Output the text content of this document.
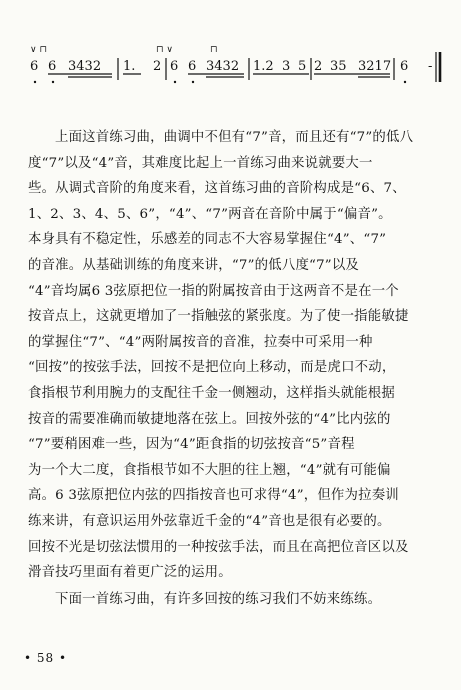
∨ ⊓	⊓ ∨	⊓
6 6 3432 1. 2 6 6 3432 1.2 3 5 2 35 3217 6 -

上面这首练习曲，曲调中不但有“7”音，而且还有“7”的低八

度“7”以及“4”音，其难度比起上一首练习曲来说就要大一

些。从调式音阶的角度来看，这首练习曲的音阶构成是“6、7、

1、2、3、4、5、6”，“4”、“7”两音在音阶中属于“偏音”。

本身具有不稳定性，乐感差的同志不大容易掌握住“4”、“7”

的音准。从基础训练的角度来讲，“7”的低八度“7”以及

“4”音均属6 3弦原把位一指的附属按音由于这两音不是在一个

按音点上，这就更增加了一指触弦的紧张度。为了使一指能敏捷

的掌握住“7”、“4”两附属按音的音准，拉奏中可采用一种

“回按”的按弦手法，回按不是把位向上移动，而是虎口不动，

食指根节利用腕力的支配往千金一侧翘动，这样指头就能根据

按音的需要准确而敏捷地落在弦上。回按外弦的“4”比内弦的

“7”要稍困难一些，因为“4”距食指的切弦按音“5”音程

为一个大二度，食指根节如不大胆的往上翘，“4”就有可能偏

高。6 3弦原把位内弦的四指按音也可求得“4”，但作为拉奏训

练来讲，有意识运用外弦靠近千金的“4”音也是很有必要的。

回按不光是切弦法惯用的一种按弦手法，而且在高把位音区以及

滑音技巧里面有着更广泛的运用。

下面一首练习曲，有许多回按的练习我们不妨来练练。

• 58 •
